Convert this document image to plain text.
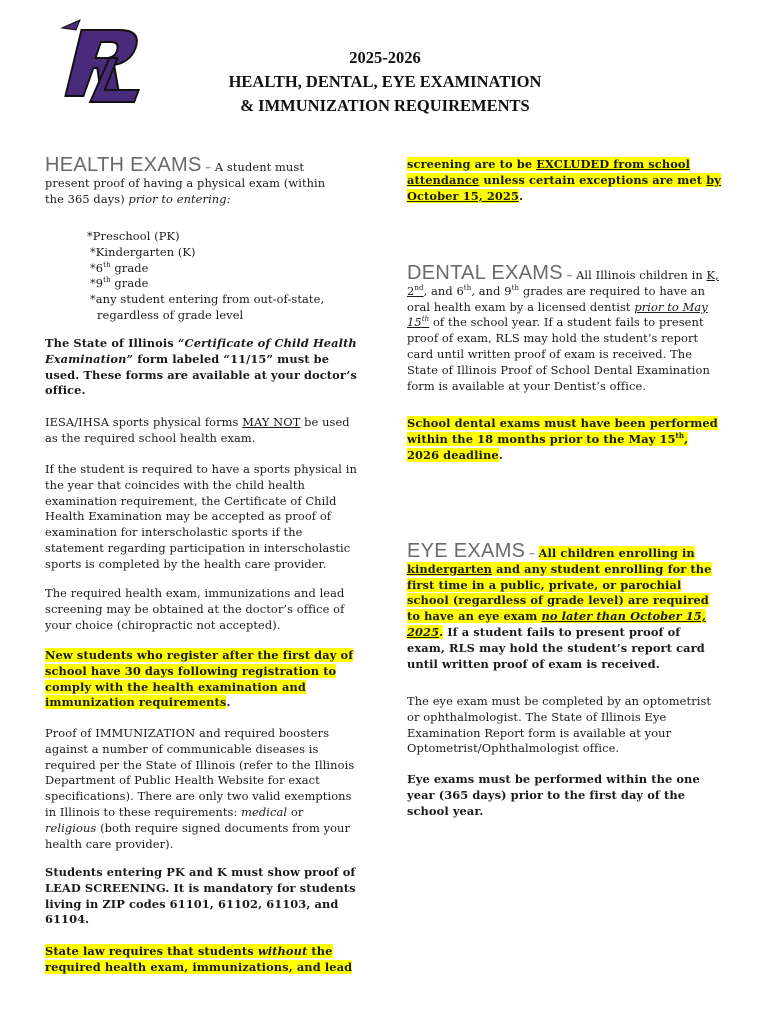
2025-2026
HEALTH, DENTAL, EYE EXAMINATION
& IMMUNIZATION REQUIREMENTS

HEALTH EXAMS – A student must present proof of having a physical exam (within the 365 days) prior to entering:

*Preschool (PK)
*Kindergarten (K)
*6th grade
*9th grade
*any student entering from out-of-state,
regardless of grade level

The State of Illinois “Certificate of Child Health Examination” form labeled “11/15” must be used. These forms are available at your doctor’s office.

IESA/IHSA sports physical forms MAY NOT be used as the required school health exam.

If the student is required to have a sports physical in the year that coincides with the child health examination requirement, the Certificate of Child Health Examination may be accepted as proof of examination for interscholastic sports if the statement regarding participation in interscholastic sports is completed by the health care provider.

The required health exam, immunizations and lead screening may be obtained at the doctor’s office of your choice (chiropractic not accepted).

New students who register after the first day of school have 30 days following registration to comply with the health examination and immunization requirements.

Proof of IMMUNIZATION and required boosters against a number of communicable diseases is required per the State of Illinois (refer to the Illinois Department of Public Health Website for exact specifications). There are only two valid exemptions in Illinois to these requirements: medical or religious (both require signed documents from your health care provider).

Students entering PK and K must show proof of LEAD SCREENING. It is mandatory for students living in ZIP codes 61101, 61102, 61103, and 61104.

State law requires that students without the required health exam, immunizations, and lead

screening are to be EXCLUDED from school attendance unless certain exceptions are met by October 15, 2025.

DENTAL EXAMS – All Illinois children in K, 2nd, and 6th, and 9th grades are required to have an oral health exam by a licensed dentist prior to May 15th of the school year. If a student fails to present proof of exam, RLS may hold the student’s report card until written proof of exam is received. The State of Illinois Proof of School Dental Examination form is available at your Dentist’s office.

School dental exams must have been performed within the 18 months prior to the May 15th, 2026 deadline.

EYE EXAMS – All children enrolling in kindergarten and any student enrolling for the first time in a public, private, or parochial school (regardless of grade level) are required to have an eye exam no later than October 15, 2025. If a student fails to present proof of exam, RLS may hold the student’s report card until written proof of exam is received.

The eye exam must be completed by an optometrist or ophthalmologist. The State of Illinois Eye Examination Report form is available at your Optometrist/Ophthalmologist office.

Eye exams must be performed within the one year (365 days) prior to the first day of the school year.
